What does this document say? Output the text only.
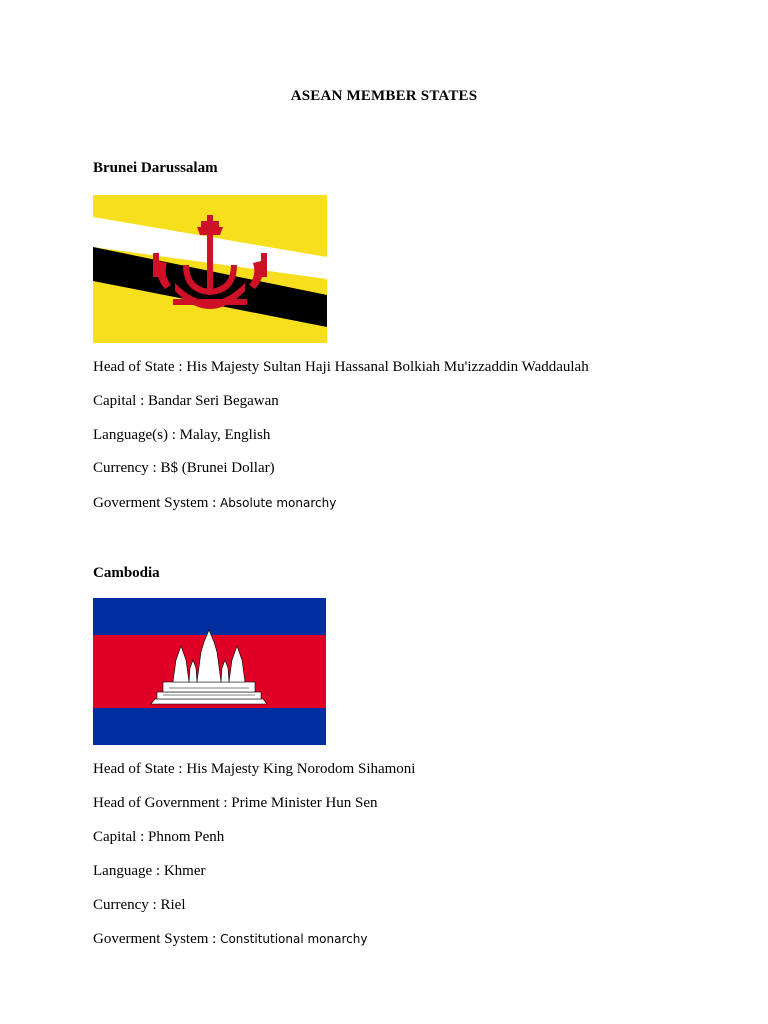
ASEAN MEMBER STATES
Brunei Darussalam
Head of State : His Majesty Sultan Haji Hassanal Bolkiah Mu'izzaddin Waddaulah
Capital : Bandar Seri Begawan
Language(s) : Malay, English
Currency : B$ (Brunei Dollar)
Goverment System : Absolute monarchy
Cambodia
Head of State : His Majesty King Norodom Sihamoni
Head of Government : Prime Minister Hun Sen
Capital : Phnom Penh
Language : Khmer
Currency : Riel
Goverment System : Constitutional monarchy
